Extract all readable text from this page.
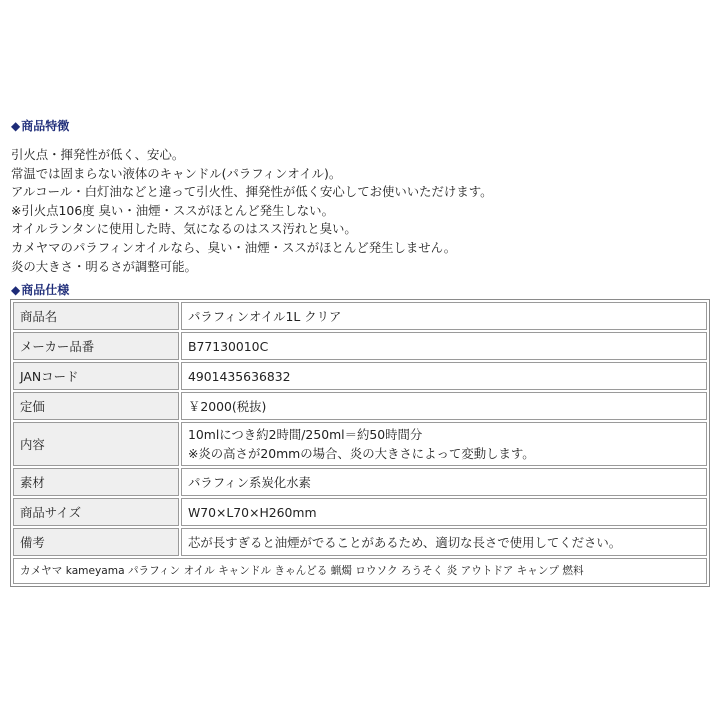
◆商品特徴
引火点・揮発性が低く、安心。
常温では固まらない液体のキャンドル(パラフィンオイル)。
アルコール・白灯油などと違って引火性、揮発性が低く安心してお使いいただけます。
※引火点106度 臭い・油煙・ススがほとんど発生しない。
オイルランタンに使用した時、気になるのはスス汚れと臭い。
カメヤマのパラフィンオイルなら、臭い・油煙・ススがほとんど発生しません。
炎の大きさ・明るさが調整可能。
◆商品仕様
商品名	パラフィンオイル1L クリア

メーカー品番	B77130010C

JANコード	4901435636832

定価	￥2000(税抜)

内容	10mlにつき約2時間/250ml＝約50時間分
※炎の高さが20mmの場合、炎の大きさによって変動します。

素材	パラフィン系炭化水素

商品サイズ	W70×L70×H260mm

備考	芯が長すぎると油煙がでることがあるため、適切な長さで使用してください。

カメヤマ kameyama パラフィン オイル キャンドル きゃんどる 蝋燭 ロウソク ろうそく 炎 アウトドア キャンプ 燃料	
